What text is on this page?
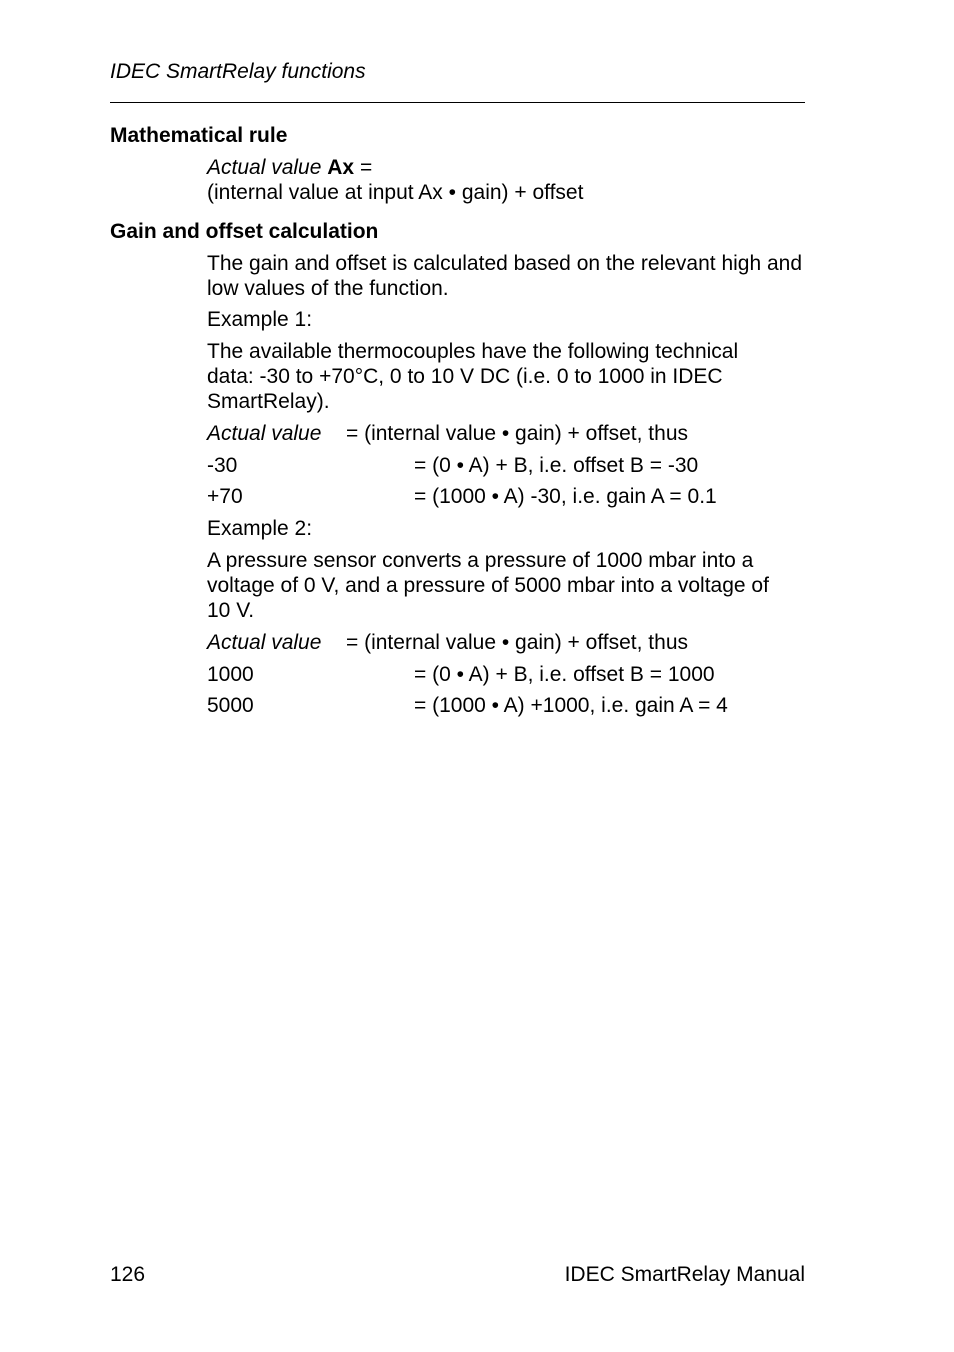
IDEC SmartRelay functions
Mathematical rule
Actual value Ax =
(internal value at input Ax • gain) + offset
Gain and offset calculation
The gain and offset is calculated based on the relevant high and low values of the function.
Example 1:
The available thermocouples have the following technical
data: -30 to +70°C, 0 to 10 V DC (i.e. 0 to 1000 in IDEC
SmartRelay).
Actual value = (internal value • gain) + offset, thus
-30	= (0 • A) + B, i.e. offset B = -30
+70	= (1000 • A) -30, i.e. gain A = 0.1
Example 2:
A pressure sensor converts a pressure of 1000 mbar into a
voltage of 0 V, and a pressure of 5000 mbar into a voltage of
10 V.
Actual value = (internal value • gain) + offset, thus
1000	= (0 • A) + B, i.e. offset B = 1000
5000	= (1000 • A) +1000, i.e. gain A = 4
126	IDEC SmartRelay Manual
